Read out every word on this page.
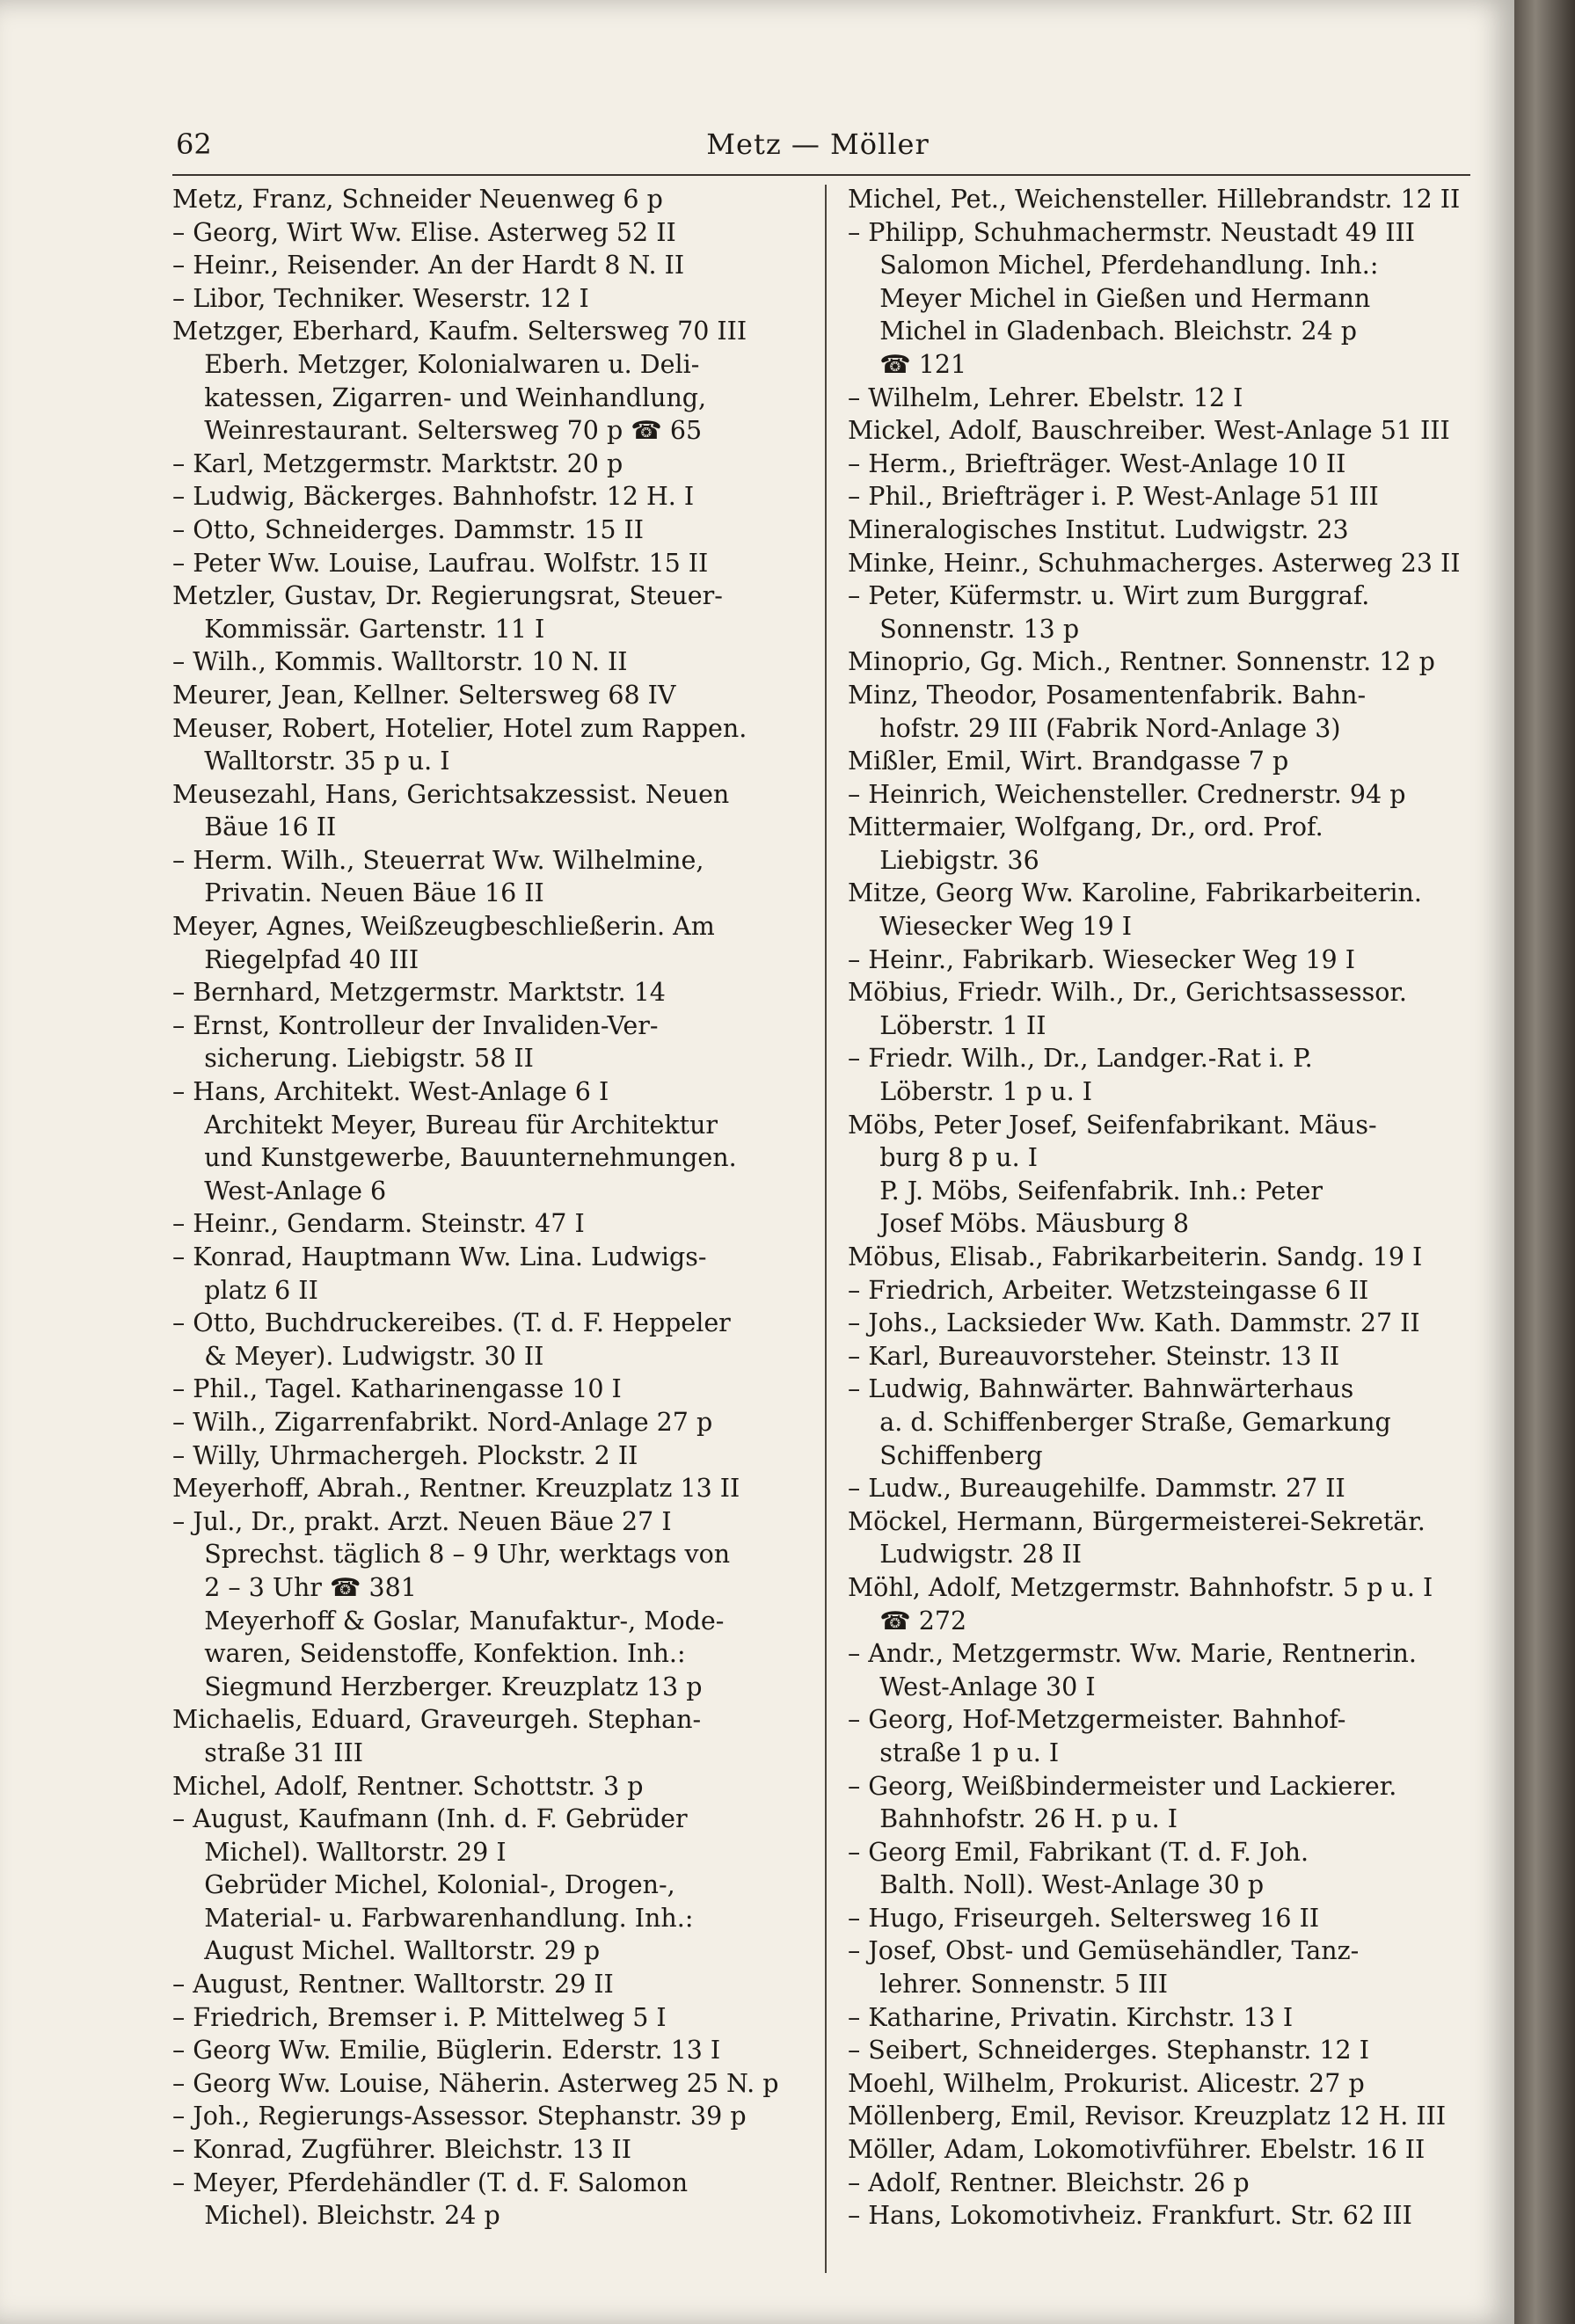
62	Metz — Möller
Metz, Franz, Schneider Neuenweg 6 p
– Georg, Wirt Ww. Elise. Asterweg 52 II
– Heinr., Reisender. An der Hardt 8 N. II
– Libor, Techniker. Weserstr. 12 I
Metzger, Eberhard, Kaufm. Seltersweg 70 III
Eberh. Metzger, Kolonialwaren u. Deli-
katessen, Zigarren- und Weinhandlung,
Weinrestaurant. Seltersweg 70 p ☎ 65
– Karl, Metzgermstr. Marktstr. 20 p
– Ludwig, Bäckerges. Bahnhofstr. 12 H. I
– Otto, Schneiderges. Dammstr. 15 II
– Peter Ww. Louise, Laufrau. Wolfstr. 15 II
Metzler, Gustav, Dr. Regierungsrat, Steuer-
Kommissär. Gartenstr. 11 I
– Wilh., Kommis. Walltorstr. 10 N. II
Meurer, Jean, Kellner. Seltersweg 68 IV
Meuser, Robert, Hotelier, Hotel zum Rappen.
Walltorstr. 35 p u. I
Meusezahl, Hans, Gerichtsakzessist. Neuen
Bäue 16 II
– Herm. Wilh., Steuerrat Ww. Wilhelmine,
Privatin. Neuen Bäue 16 II
Meyer, Agnes, Weißzeugbeschließerin. Am
Riegelpfad 40 III
– Bernhard, Metzgermstr. Marktstr. 14
– Ernst, Kontrolleur der Invaliden-Ver-
sicherung. Liebigstr. 58 II
– Hans, Architekt. West-Anlage 6 I
Architekt Meyer, Bureau für Architektur
und Kunstgewerbe, Bauunternehmungen.
West-Anlage 6
– Heinr., Gendarm. Steinstr. 47 I
– Konrad, Hauptmann Ww. Lina. Ludwigs-
platz 6 II
– Otto, Buchdruckereibes. (T. d. F. Heppeler
& Meyer). Ludwigstr. 30 II
– Phil., Tagel. Katharinengasse 10 I
– Wilh., Zigarrenfabrikt. Nord-Anlage 27 p
– Willy, Uhrmachergeh. Plockstr. 2 II
Meyerhoff, Abrah., Rentner. Kreuzplatz 13 II
– Jul., Dr., prakt. Arzt. Neuen Bäue 27 I
Sprechst. täglich 8 – 9 Uhr, werktags von
2 – 3 Uhr ☎ 381
Meyerhoff & Goslar, Manufaktur-, Mode-
waren, Seidenstoffe, Konfektion. Inh.:
Siegmund Herzberger. Kreuzplatz 13 p
Michaelis, Eduard, Graveurgeh. Stephan-
straße 31 III
Michel, Adolf, Rentner. Schottstr. 3 p
– August, Kaufmann (Inh. d. F. Gebrüder
Michel). Walltorstr. 29 I
Gebrüder Michel, Kolonial-, Drogen-,
Material- u. Farbwarenhandlung. Inh.:
August Michel. Walltorstr. 29 p
– August, Rentner. Walltorstr. 29 II
– Friedrich, Bremser i. P. Mittelweg 5 I
– Georg Ww. Emilie, Büglerin. Ederstr. 13 I
– Georg Ww. Louise, Näherin. Asterweg 25 N. p
– Joh., Regierungs-Assessor. Stephanstr. 39 p
– Konrad, Zugführer. Bleichstr. 13 II
– Meyer, Pferdehändler (T. d. F. Salomon
Michel). Bleichstr. 24 p
Michel, Pet., Weichensteller. Hillebrandstr. 12 II
– Philipp, Schuhmachermstr. Neustadt 49 III
Salomon Michel, Pferdehandlung. Inh.:
Meyer Michel in Gießen und Hermann
Michel in Gladenbach. Bleichstr. 24 p
☎ 121
– Wilhelm, Lehrer. Ebelstr. 12 I
Mickel, Adolf, Bauschreiber. West-Anlage 51 III
– Herm., Briefträger. West-Anlage 10 II
– Phil., Briefträger i. P. West-Anlage 51 III
Mineralogisches Institut. Ludwigstr. 23
Minke, Heinr., Schuhmacherges. Asterweg 23 II
– Peter, Küfermstr. u. Wirt zum Burggraf.
Sonnenstr. 13 p
Minoprio, Gg. Mich., Rentner. Sonnenstr. 12 p
Minz, Theodor, Posamentenfabrik. Bahn-
hofstr. 29 III (Fabrik Nord-Anlage 3)
Mißler, Emil, Wirt. Brandgasse 7 p
– Heinrich, Weichensteller. Crednerstr. 94 p
Mittermaier, Wolfgang, Dr., ord. Prof.
Liebigstr. 36
Mitze, Georg Ww. Karoline, Fabrikarbeiterin.
Wiesecker Weg 19 I
– Heinr., Fabrikarb. Wiesecker Weg 19 I
Möbius, Friedr. Wilh., Dr., Gerichtsassessor.
Löberstr. 1 II
– Friedr. Wilh., Dr., Landger.-Rat i. P.
Löberstr. 1 p u. I
Möbs, Peter Josef, Seifenfabrikant. Mäus-
burg 8 p u. I
P. J. Möbs, Seifenfabrik. Inh.: Peter
Josef Möbs. Mäusburg 8
Möbus, Elisab., Fabrikarbeiterin. Sandg. 19 I
– Friedrich, Arbeiter. Wetzsteingasse 6 II
– Johs., Lacksieder Ww. Kath. Dammstr. 27 II
– Karl, Bureauvorsteher. Steinstr. 13 II
– Ludwig, Bahnwärter. Bahnwärterhaus
a. d. Schiffenberger Straße, Gemarkung
Schiffenberg
– Ludw., Bureaugehilfe. Dammstr. 27 II
Möckel, Hermann, Bürgermeisterei-Sekretär.
Ludwigstr. 28 II
Möhl, Adolf, Metzgermstr. Bahnhofstr. 5 p u. I
☎ 272
– Andr., Metzgermstr. Ww. Marie, Rentnerin.
West-Anlage 30 I
– Georg, Hof-Metzgermeister. Bahnhof-
straße 1 p u. I
– Georg, Weißbindermeister und Lackierer.
Bahnhofstr. 26 H. p u. I
– Georg Emil, Fabrikant (T. d. F. Joh.
Balth. Noll). West-Anlage 30 p
– Hugo, Friseurgeh. Seltersweg 16 II
– Josef, Obst- und Gemüsehändler, Tanz-
lehrer. Sonnenstr. 5 III
– Katharine, Privatin. Kirchstr. 13 I
– Seibert, Schneiderges. Stephanstr. 12 I
Moehl, Wilhelm, Prokurist. Alicestr. 27 p
Möllenberg, Emil, Revisor. Kreuzplatz 12 H. III
Möller, Adam, Lokomotivführer. Ebelstr. 16 II
– Adolf, Rentner. Bleichstr. 26 p
– Hans, Lokomotivheiz. Frankfurt. Str. 62 III
